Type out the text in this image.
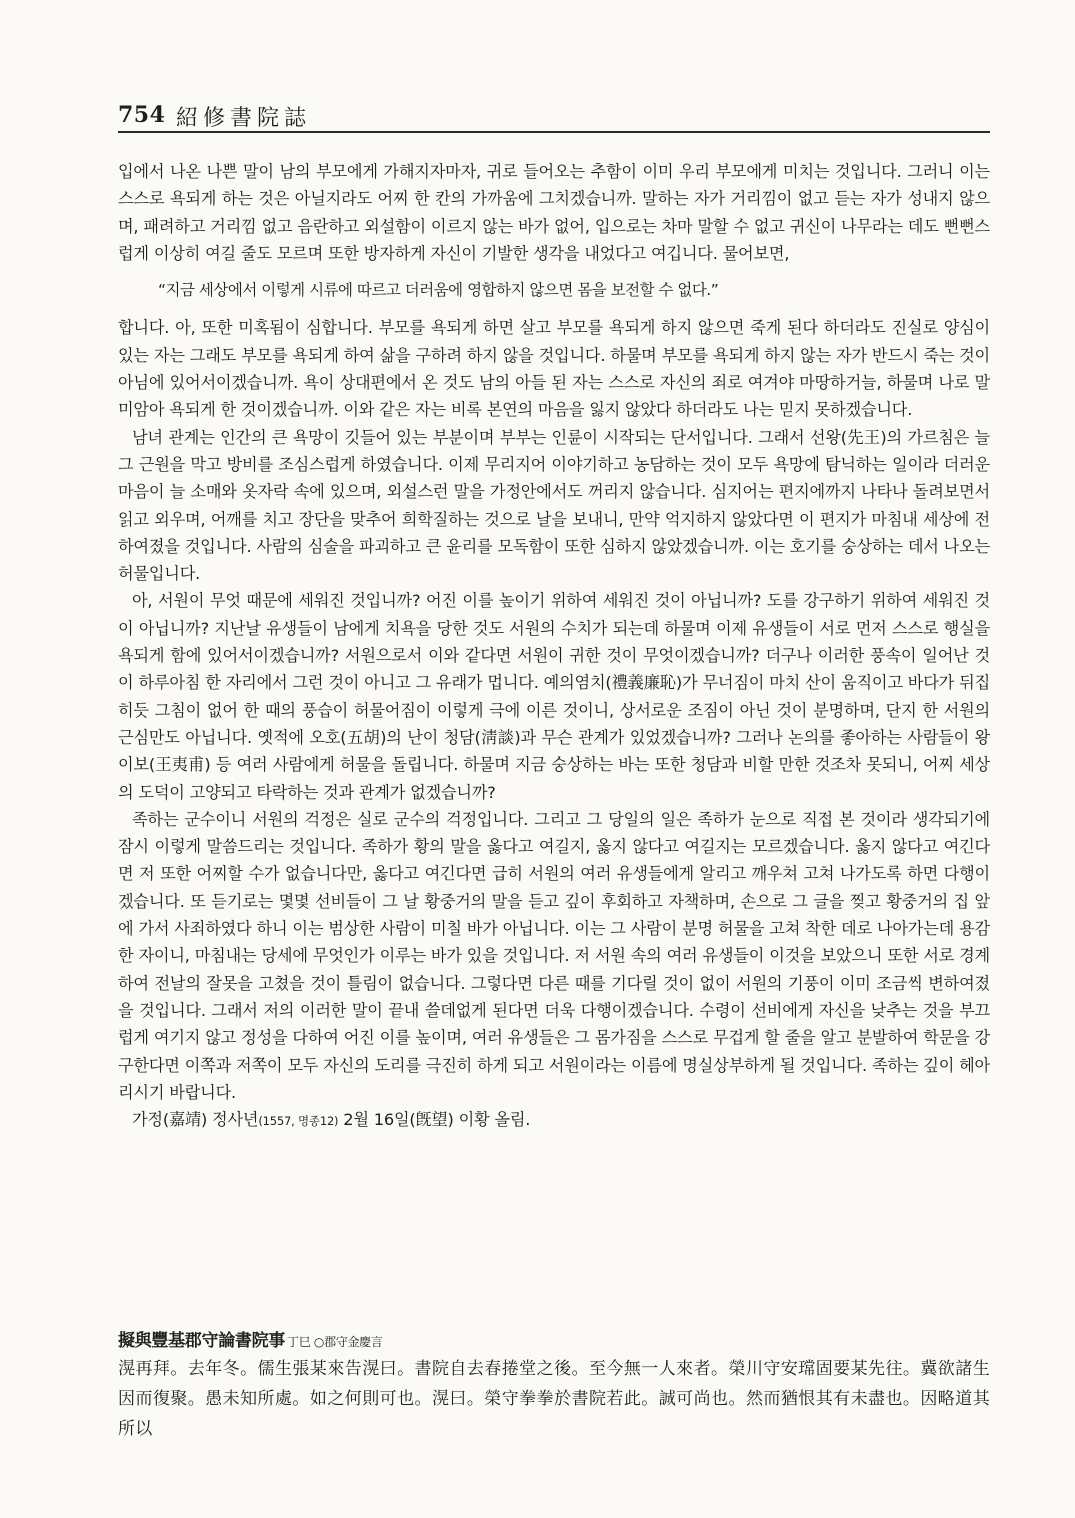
754 紹修書院誌

입에서 나온 나쁜 말이 남의 부모에게 가해지자마자, 귀로 들어오는 추함이 이미 우리 부모에게 미치는 것입니다. 그러니 이는 스스로 욕되게 하는 것은 아닐지라도 어찌 한 칸의 가까움에 그치겠습니까. 말하는 자가 거리낌이 없고 듣는 자가 성내지 않으며, 패려하고 거리낌 없고 음란하고 외설함이 이르지 않는 바가 없어, 입으로는 차마 말할 수 없고 귀신이 나무라는 데도 뻔뻔스럽게 이상히 여길 줄도 모르며 또한 방자하게 자신이 기발한 생각을 내었다고 여깁니다. 물어보면,

“지금 세상에서 이렇게 시류에 따르고 더러움에 영합하지 않으면 몸을 보전할 수 없다.”

합니다. 아, 또한 미혹됨이 심합니다. 부모를 욕되게 하면 살고 부모를 욕되게 하지 않으면 죽게 된다 하더라도 진실로 양심이 있는 자는 그래도 부모를 욕되게 하여 삶을 구하려 하지 않을 것입니다. 하물며 부모를 욕되게 하지 않는 자가 반드시 죽는 것이 아님에 있어서이겠습니까. 욕이 상대편에서 온 것도 남의 아들 된 자는 스스로 자신의 죄로 여겨야 마땅하거늘, 하물며 나로 말미암아 욕되게 한 것이겠습니까. 이와 같은 자는 비록 본연의 마음을 잃지 않았다 하더라도 나는 믿지 못하겠습니다.

남녀 관계는 인간의 큰 욕망이 깃들어 있는 부분이며 부부는 인륜이 시작되는 단서입니다. 그래서 선왕(先王)의 가르침은 늘 그 근원을 막고 방비를 조심스럽게 하였습니다. 이제 무리지어 이야기하고 농담하는 것이 모두 욕망에 탐닉하는 일이라 더러운 마음이 늘 소매와 옷자락 속에 있으며, 외설스런 말을 가정안에서도 꺼리지 않습니다. 심지어는 편지에까지 나타나 돌려보면서 읽고 외우며, 어깨를 치고 장단을 맞추어 희학질하는 것으로 날을 보내니, 만약 억지하지 않았다면 이 편지가 마침내 세상에 전하여졌을 것입니다. 사람의 심술을 파괴하고 큰 윤리를 모독함이 또한 심하지 않았겠습니까. 이는 호기를 숭상하는 데서 나오는 허물입니다.

아, 서원이 무엇 때문에 세워진 것입니까? 어진 이를 높이기 위하여 세워진 것이 아닙니까? 도를 강구하기 위하여 세워진 것이 아닙니까? 지난날 유생들이 남에게 치욕을 당한 것도 서원의 수치가 되는데 하물며 이제 유생들이 서로 먼저 스스로 행실을 욕되게 함에 있어서이겠습니까? 서원으로서 이와 같다면 서원이 귀한 것이 무엇이겠습니까? 더구나 이러한 풍속이 일어난 것이 하루아침 한 자리에서 그런 것이 아니고 그 유래가 멉니다. 예의염치(禮義廉恥)가 무너짐이 마치 산이 움직이고 바다가 뒤집히듯 그침이 없어 한 때의 풍습이 허물어짐이 이렇게 극에 이른 것이니, 상서로운 조짐이 아닌 것이 분명하며, 단지 한 서원의 근심만도 아닙니다. 옛적에 오호(五胡)의 난이 청담(淸談)과 무슨 관계가 있었겠습니까? 그러나 논의를 좋아하는 사람들이 왕이보(王夷甫) 등 여러 사람에게 허물을 돌립니다. 하물며 지금 숭상하는 바는 또한 청담과 비할 만한 것조차 못되니, 어찌 세상의 도덕이 고양되고 타락하는 것과 관계가 없겠습니까?

족하는 군수이니 서원의 걱정은 실로 군수의 걱정입니다. 그리고 그 당일의 일은 족하가 눈으로 직접 본 것이라 생각되기에 잠시 이렇게 말씀드리는 것입니다. 족하가 황의 말을 옳다고 여길지, 옳지 않다고 여길지는 모르겠습니다. 옳지 않다고 여긴다면 저 또한 어찌할 수가 없습니다만, 옳다고 여긴다면 급히 서원의 여러 유생들에게 알리고 깨우쳐 고쳐 나가도록 하면 다행이겠습니다. 또 듣기로는 몇몇 선비들이 그 날 황중거의 말을 듣고 깊이 후회하고 자책하며, 손으로 그 글을 찢고 황중거의 집 앞에 가서 사죄하였다 하니 이는 범상한 사람이 미칠 바가 아닙니다. 이는 그 사람이 분명 허물을 고쳐 착한 데로 나아가는데 용감한 자이니, 마침내는 당세에 무엇인가 이루는 바가 있을 것입니다. 저 서원 속의 여러 유생들이 이것을 보았으니 또한 서로 경계하여 전날의 잘못을 고쳤을 것이 틀림이 없습니다. 그렇다면 다른 때를 기다릴 것이 없이 서원의 기풍이 이미 조금씩 변하여졌을 것입니다. 그래서 저의 이러한 말이 끝내 쓸데없게 된다면 더욱 다행이겠습니다. 수령이 선비에게 자신을 낮추는 것을 부끄럽게 여기지 않고 정성을 다하여 어진 이를 높이며, 여러 유생들은 그 몸가짐을 스스로 무겁게 할 줄을 알고 분발하여 학문을 강구한다면 이쪽과 저쪽이 모두 자신의 도리를 극진히 하게 되고 서원이라는 이름에 명실상부하게 될 것입니다. 족하는 깊이 헤아리시기 바랍니다.

가정(嘉靖) 정사년(1557, 명종12) 2월 16일(旣望) 이황 올림.

擬與豐基郡守論書院事 丁巳 ○郡守金慶言

滉再拜。去年冬。儒生張某來告滉曰。書院自去春捲堂之後。至今無一人來者。榮川守安瑺固要某先往。冀欲諸生因而復聚。愚未知所處。如之何則可也。滉曰。榮守拳拳於書院若此。誠可尚也。然而猶恨其有未盡也。因略道其所以
